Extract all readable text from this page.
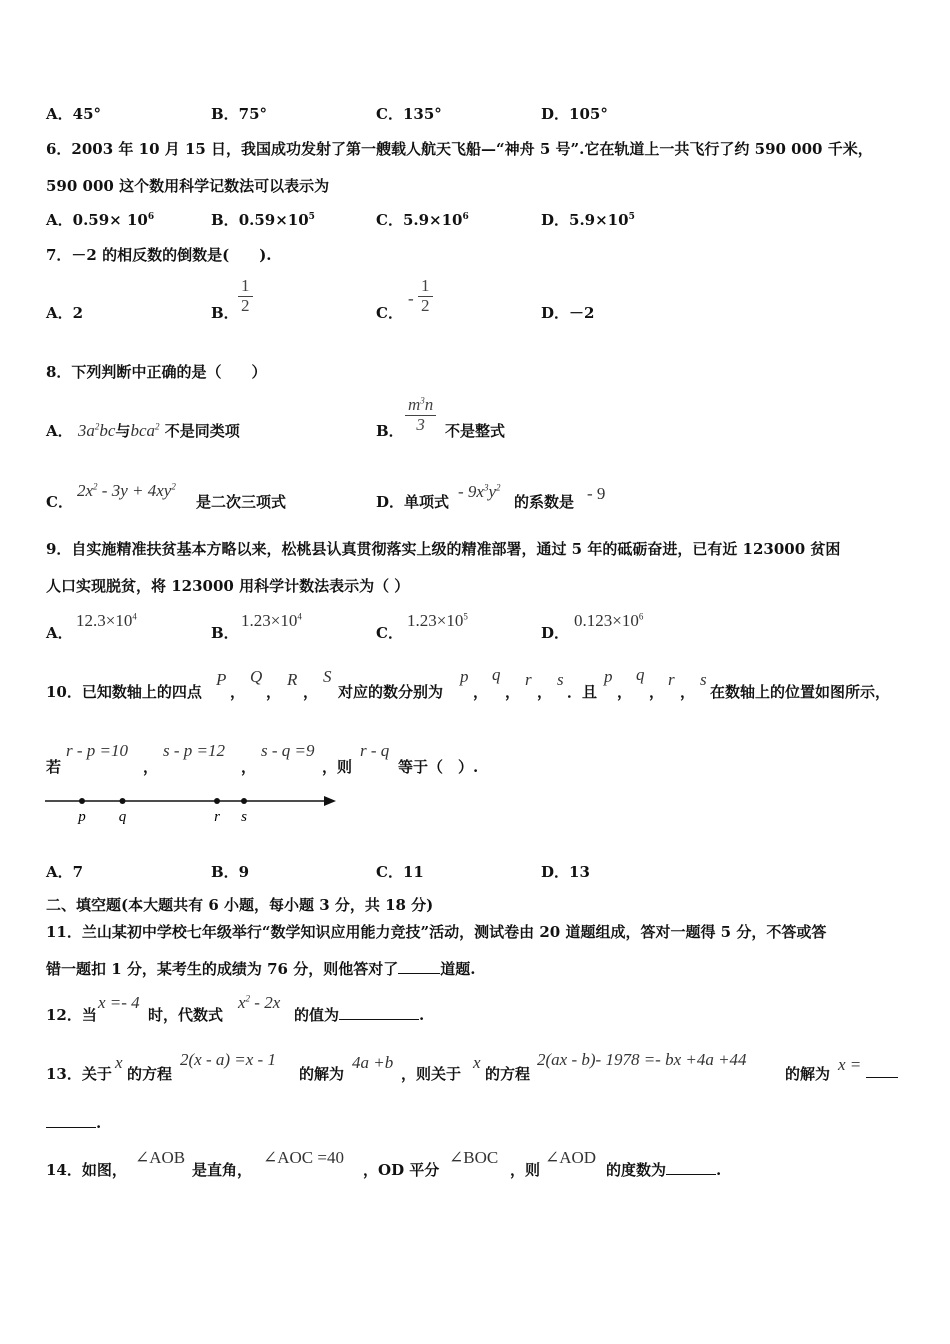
A．45°	B．75°	C．135°	D．105°
6．2003 年 10 月 15 日，我国成功发射了第一艘载人航天飞船—“神舟 5 号”.它在轨道上一共飞行了约 590 000 千米，
590 000 这个数用科学记数法可以表示为
A．$0.59\times 10^6$	B．$0.59\times 10^5$	C．$5.9\times 10^6$	D．$5.9\times 10^5$
7．－2 的相反数的倒数是(　　).
A．2	B． $\frac{1}{2}$	C．
- $\frac{1}{2}$	D．－2
8．下列判断中正确的是（　　）
A． $3a^2bc$与bca$^2$ 不是同类项	B． $\frac{m^3n}{3}$ 不是整式
C．
$2x^2 - 3y + 4xy^2$
是二次三项式	D．单项式
- $9x^3y^2$
的系数是 - 9
9．自实施精准扶贫基本方略以来，松桃县认真贯彻落实上级的精准部署，通过 5 年的砥砺奋进，已有近 123000 贫困
人口实现脱贫，将 123000 用科学计数法表示为（ ）
A．
$12.3\times 10^4$
B．
$1.23\times 10^4$
C．
$1.23\times 10^5$
D．
$0.123\times 10^6$
10．已知数轴上的四点
P
，
Q
，
R
，
S
对应的数分别为
p
，
q
，
r
，
s
．且
p
，
q
，
r
，
s
在数轴上的位置如图所示，
若
r - p =10
，
s - p =12
，
s - q =9
，则
r - q
等于（　）.
p q	r s
A．7	B．9	C．11	D．13
二、填空题(本大题共有 6 小题，每小题 3 分，共 18 分)
11．兰山某初中学校七年级举行“数学知识应用能力竞技”活动，测试卷由 20 道题组成，答对一题得 5 分，不答或答
错一题扣 1 分，某考生的成绩为 76 分，则他答对了	道题.
12．当
x =- 4
时，代数式
$x^2 - 2x$
的值为	.
13．关于
x
的方程
2(x - a) =x - 1
的解为
4a +b
，则关于
x
的方程
2(ax - b)- 1978 =- bx +4a +44
的解为 x =
.
14．如图，
∠AOB
是直角，
∠AOC =40
，OD 平分
∠BOC
，则
∠AOD
的度数为	.
